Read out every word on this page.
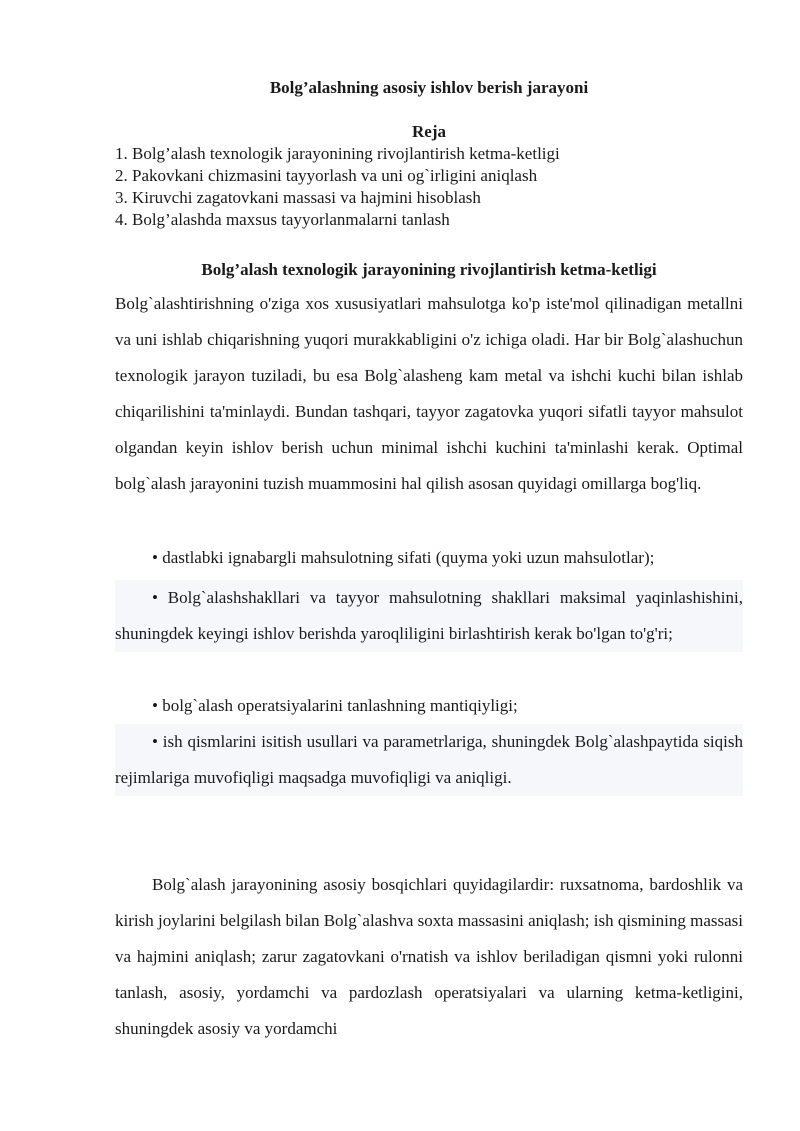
Bolg’alashning asosiy ishlov berish jarayoni
Reja
1. Bolg’alash texnologik jarayonining rivojlantirish ketma-ketligi
2. Pakovkani chizmasini tayyorlash va uni og`irligini aniqlash
3. Kiruvchi zagatovkani massasi va hajmini hisoblash
4. Bolg’alashda maxsus tayyorlanmalarni tanlash
Bolg’alash texnologik jarayonining rivojlantirish ketma-ketligi

Bolg`alashtirishning o'ziga xos xususiyatlari mahsulotga ko'p iste'mol qilinadigan metallni va uni ishlab chiqarishning yuqori murakkabligini o'z ichiga oladi. Har bir Bolg`alashuchun texnologik jarayon tuziladi, bu esa Bolg`alasheng kam metal va ishchi kuchi bilan ishlab chiqarilishini ta'minlaydi. Bundan tashqari, tayyor zagatovka yuqori sifatli tayyor mahsulot olgandan keyin ishlov berish uchun minimal ishchi kuchini ta'minlashi kerak. Optimal bolg`alash jarayonini tuzish muammosini hal qilish asosan quyidagi omillarga bog'liq.

• dastlabki ignabargli mahsulotning sifati (quyma yoki uzun mahsulotlar);

• Bolg`alashshakllari va tayyor mahsulotning shakllari maksimal yaqinlashishini, shuningdek keyingi ishlov berishda yaroqliligini birlashtirish kerak bo'lgan to'g'ri;

• bolg`alash operatsiyalarini tanlashning mantiqiyligi;

• ish qismlarini isitish usullari va parametrlariga, shuningdek Bolg`alashpaytida siqish rejimlariga muvofiqligi maqsadga muvofiqligi va aniqligi.

Bolg`alash jarayonining asosiy bosqichlari quyidagilardir: ruxsatnoma, bardoshlik va kirish joylarini belgilash bilan Bolg`alashva soxta massasini aniqlash; ish qismining massasi va hajmini aniqlash; zarur zagatovkani o'rnatish va ishlov beriladigan qismni yoki rulonni tanlash, asosiy, yordamchi va pardozlash operatsiyalari va ularning ketma-ketligini, shuningdek asosiy va yordamchi
